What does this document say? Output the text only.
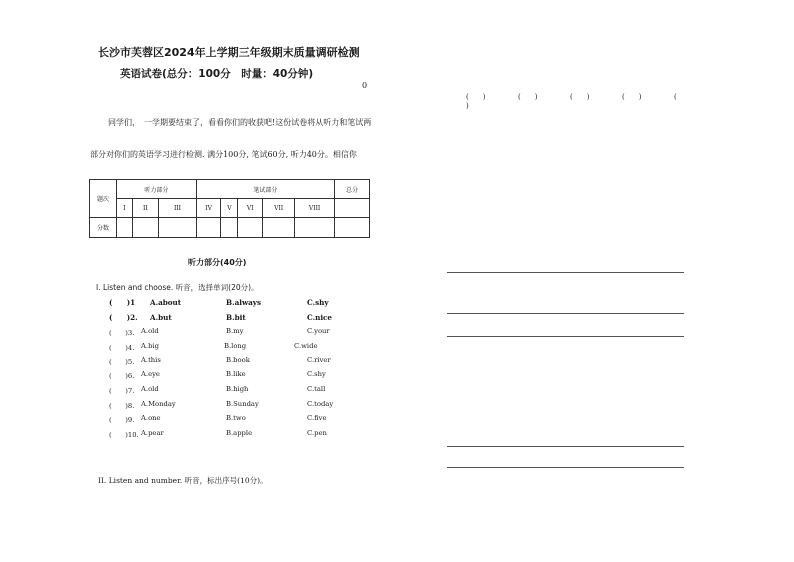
长沙市芙蓉区2024年上学期三年级期末质量调研检测
英语试卷(总分：100分　时量：40分钟)
0
(　　)	(　　)	(　　)	(　　)	(
)
同学们，　一学期要结束了，看看你们的收获吧!这份试卷将从听力和笔试两
部分对你们的英语学习进行检测. 满分100分, 笔试60分, 听力40分。相信你
题次	听力部分			笔试部分					总分
	I	II	III	IV	V	VI	VII	VIII	
分数									
听力部分(40分)
I. Listen and choose. 听音，选择单词(20分)。
(　　)1 A.about	B.always	C.shy
(　　)2. A.but	B.bit	C.nice
(　　)3. A.old	B.my	C.your
(　　)4. A.big	B.long	C.wide
(　　)5. A.this	B.book	C.river
(　　)6. A.eye	B.like	C.shy
(　　)7. A.old	B.high	C.tall
(　　)8. A.Monday	B.Sunday	C.today
(　　)9. A.one	B.two	C.five
(　　)10. A.pear	B.apple	C.pen
II. Listen and number. 听音，标出序号(10分)。
